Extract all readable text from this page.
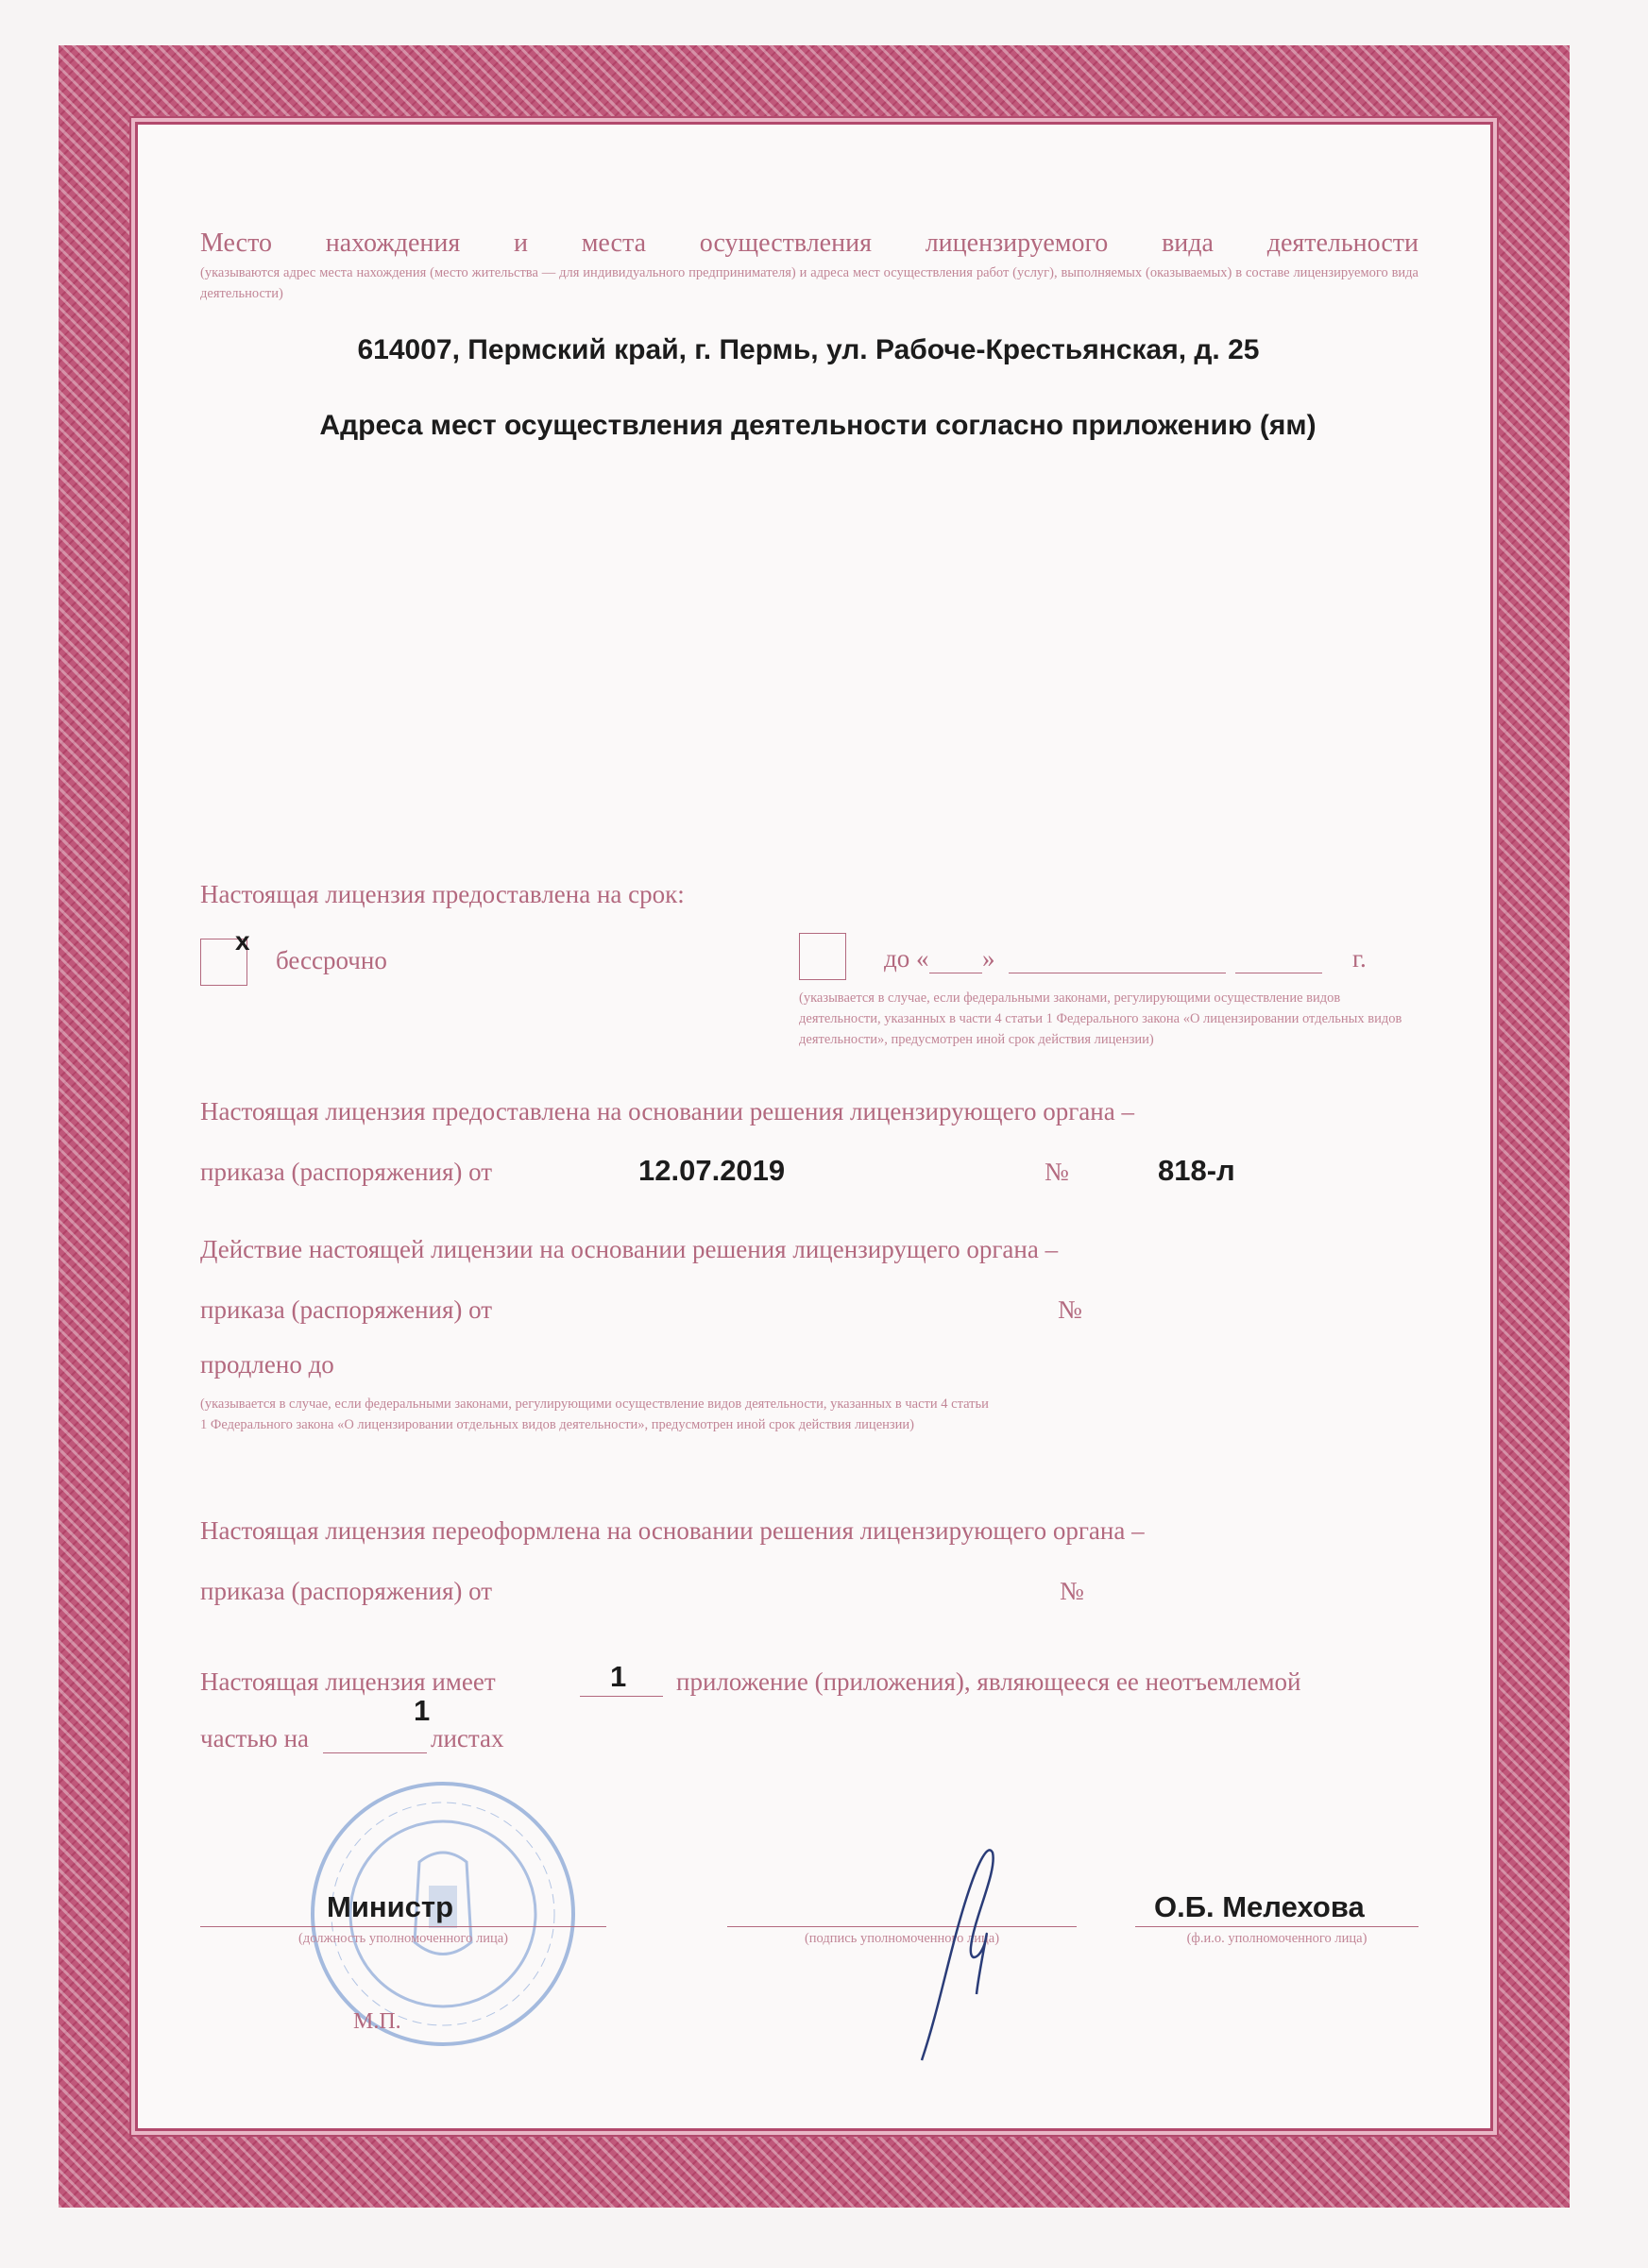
Место нахождения и места осуществления лицензируемого вида деятельности
(указываются адрес места нахождения (место жительства — для индивидуального предпринимателя) и адреса мест осуществления работ (услуг), выполняемых (оказываемых) в составе лицензируемого вида деятельности)
614007, Пермский край, г. Пермь, ул. Рабоче-Крестьянская, д. 25
Адреса мест осуществления деятельности согласно приложению (ям)
Настоящая лицензия предоставлена на срок:
x
бессрочно	до « »	г.
(указывается в случае, если федеральными законами, регулирующими осуществление видов деятельности, указанных в части 4 статьи 1 Федерального закона «О лицензировании отдельных видов деятельности», предусмотрен иной срок действия лицензии)
Настоящая лицензия предоставлена на основании решения лицензирующего органа –
приказа (распоряжения) от	12.07.2019	№	818-л
Действие настоящей лицензии на основании решения лицензирущего органа –
приказа (распоряжения) от	№
продлено до
(указывается в случае, если федеральными законами, регулирующими осуществление видов деятельности, указанных в части 4 статьи 1 Федерального закона «О лицензировании отдельных видов деятельности», предусмотрен иной срок действия лицензии)
Настоящая лицензия переоформлена на основании решения лицензирующего органа –
приказа (распоряжения) от	№
Настоящая лицензия имеет	1 приложение (приложения), являющееся ее неотъемлемой
частью на
1
листах
Министр
(должность уполномоченного лица)	(подпись уполномоченного лица)
О.Б. Мелехова
(ф.и.о. уполномоченного лица)
М.П.
